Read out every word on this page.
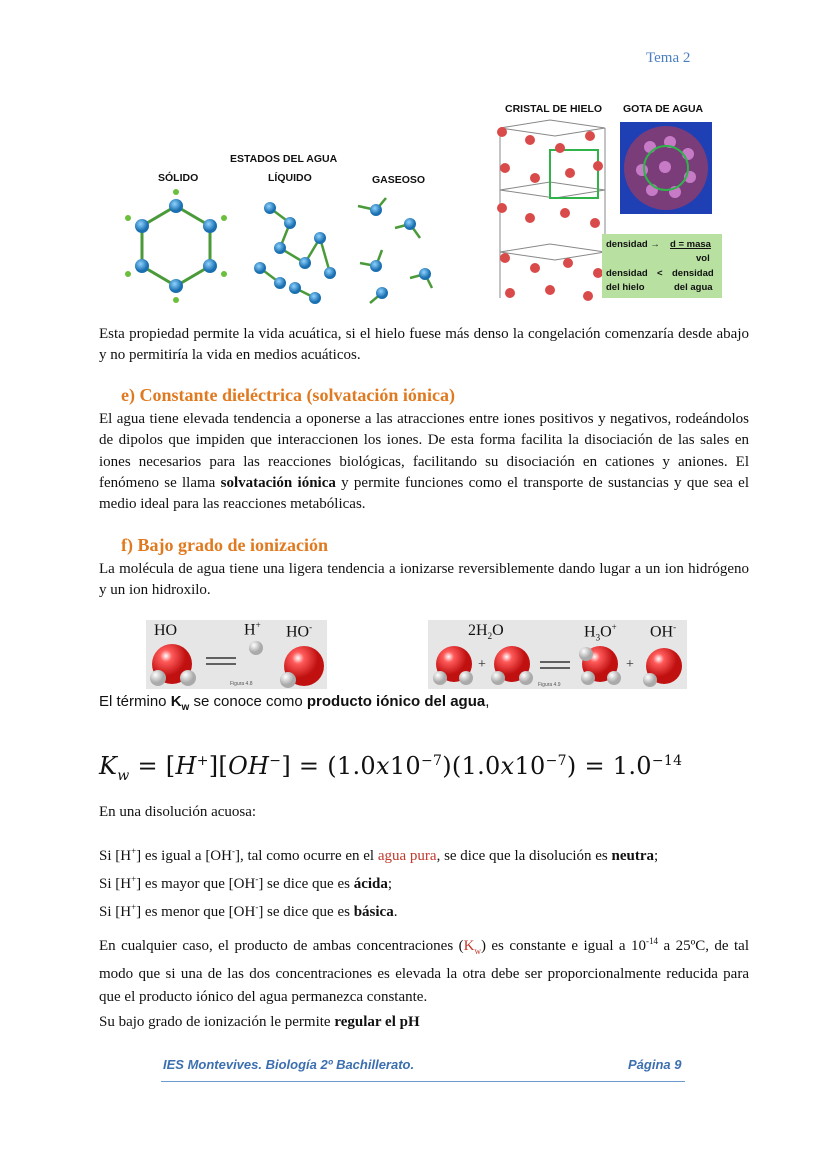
Tema 2
ESTADOS DEL AGUA
SÓLIDO	LÍQUIDO	GASEOSO
CRISTAL DE HIELO GOTA DE AGUA
densidad → d = masa
vol
densidad < densidad
del hielo	del agua
Esta propiedad permite la vida acuática, si el hielo fuese más denso la congelación comenzaría desde abajo y no permitiría la vida en medios acuáticos.
e) Constante dieléctrica (solvatación iónica)
El agua tiene elevada tendencia a oponerse a las atracciones entre iones positivos y negativos, rodeándolos de dipolos que impiden que interaccionen los iones. De esta forma facilita la disociación de las sales en iones necesarios para las reacciones biológicas, facilitando su disociación en cationes y aniones. El fenómeno se llama solvatación iónica y permite funciones como el transporte de sustancias y que sea el medio ideal para las reacciones metabólicas.
f) Bajo grado de ionización
La molécula de agua tiene una ligera tendencia a ionizarse reversiblemente dando lugar a un ion hidrógeno y un ion hidroxilo.
HO	H+ HO-
Figura 4.8
$2H_2O$	$H_3O^+$ OH-
+	+
Figura 4.9
El término $K_w$ se conoce como producto iónico del agua,
$K_w = [H^+][OH^-] = (1.0x10^{-7})(1.0x10^{-7}) = 1.0^{-14}$
En una disolución acuosa:
Si [H+] es igual a [OH-], tal como ocurre en el agua pura, se dice que la disolución es neutra;
Si [H+] es mayor que [OH-] se dice que es ácida;
Si [H+] es menor que [OH-] se dice que es básica.
En cualquier caso, el producto de ambas concentraciones $(K_w)$ es constante e igual a $10^{-14}$ a 25ºC, de tal modo que si una de las dos concentraciones es elevada la otra debe ser proporcionalmente reducida para que el producto iónico del agua permanezca constante.
Su bajo grado de ionización le permite regular el pH
IES Montevives. Biología 2º Bachillerato.	Página 9
